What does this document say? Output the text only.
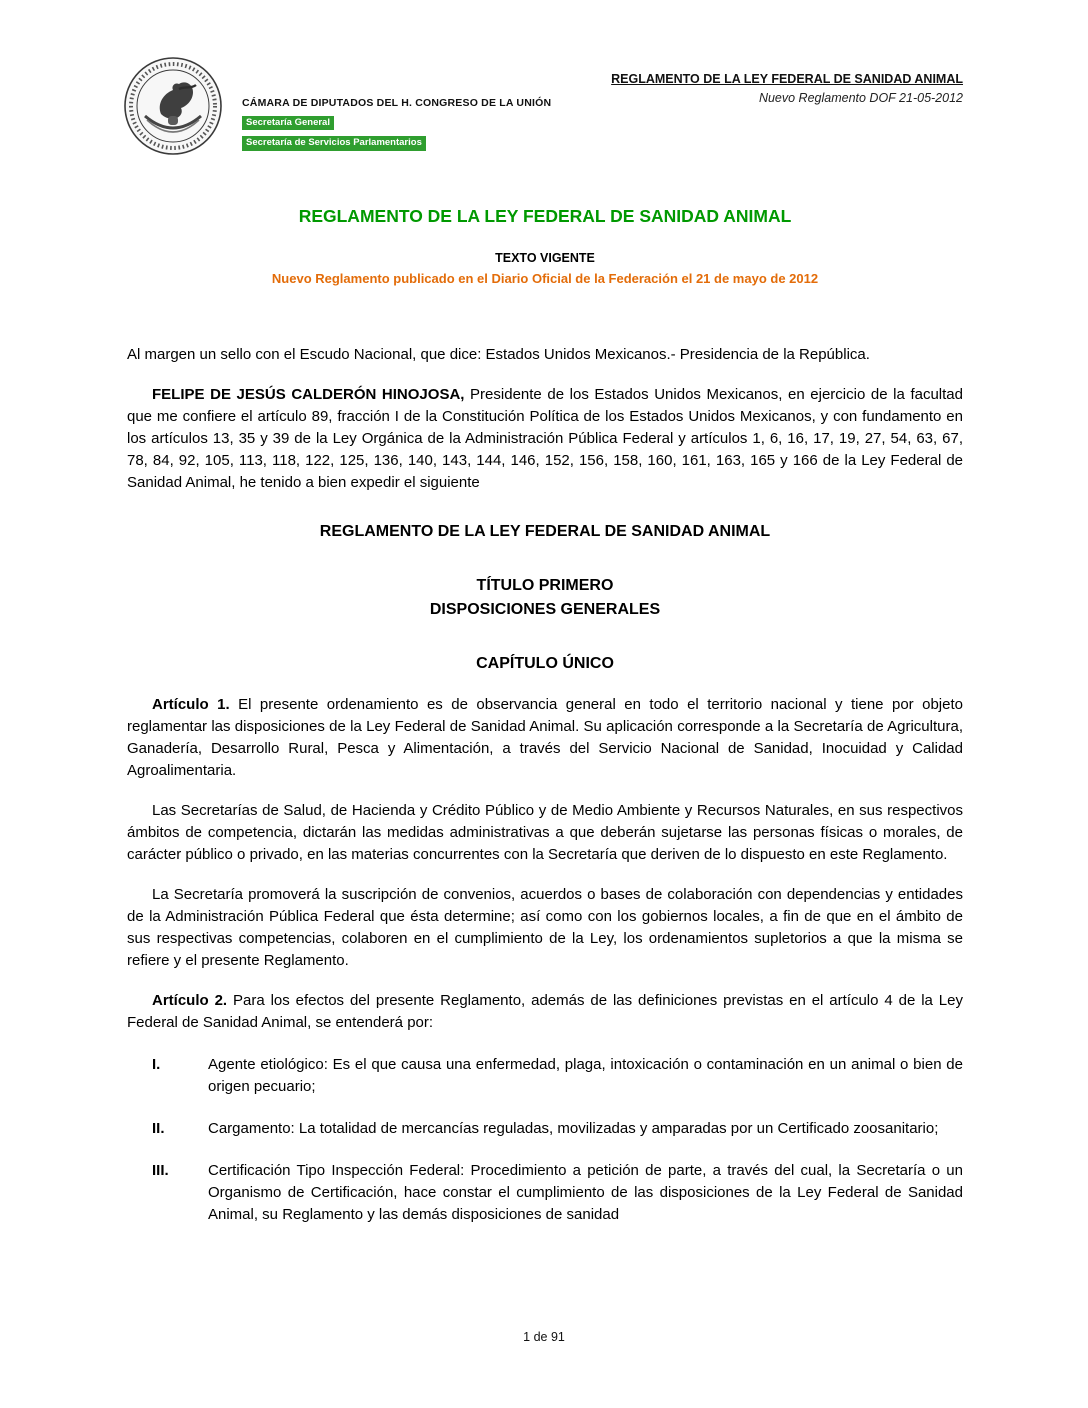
CÁMARA DE DIPUTADOS DEL H. CONGRESO DE LA UNIÓN
Secretaría General
Secretaría de Servicios Parlamentarios
REGLAMENTO DE LA LEY FEDERAL DE SANIDAD ANIMAL
Nuevo Reglamento DOF 21-05-2012
REGLAMENTO DE LA LEY FEDERAL DE SANIDAD ANIMAL
TEXTO VIGENTE
Nuevo Reglamento publicado en el Diario Oficial de la Federación el 21 de mayo de 2012

Al margen un sello con el Escudo Nacional, que dice: Estados Unidos Mexicanos.- Presidencia de la República.

FELIPE DE JESÚS CALDERÓN HINOJOSA, Presidente de los Estados Unidos Mexicanos, en ejercicio de la facultad que me confiere el artículo 89, fracción I de la Constitución Política de los Estados Unidos Mexicanos, y con fundamento en los artículos 13, 35 y 39 de la Ley Orgánica de la Administración Pública Federal y artículos 1, 6, 16, 17, 19, 27, 54, 63, 67, 78, 84, 92, 105, 113, 118, 122, 125, 136, 140, 143, 144, 146, 152, 156, 158, 160, 161, 163, 165 y 166 de la Ley Federal de Sanidad Animal, he tenido a bien expedir el siguiente

REGLAMENTO DE LA LEY FEDERAL DE SANIDAD ANIMAL
TÍTULO PRIMERO
DISPOSICIONES GENERALES
CAPÍTULO ÚNICO

Artículo 1. El presente ordenamiento es de observancia general en todo el territorio nacional y tiene por objeto reglamentar las disposiciones de la Ley Federal de Sanidad Animal. Su aplicación corresponde a la Secretaría de Agricultura, Ganadería, Desarrollo Rural, Pesca y Alimentación, a través del Servicio Nacional de Sanidad, Inocuidad y Calidad Agroalimentaria.

Las Secretarías de Salud, de Hacienda y Crédito Público y de Medio Ambiente y Recursos Naturales, en sus respectivos ámbitos de competencia, dictarán las medidas administrativas a que deberán sujetarse las personas físicas o morales, de carácter público o privado, en las materias concurrentes con la Secretaría que deriven de lo dispuesto en este Reglamento.

La Secretaría promoverá la suscripción de convenios, acuerdos o bases de colaboración con dependencias y entidades de la Administración Pública Federal que ésta determine; así como con los gobiernos locales, a fin de que en el ámbito de sus respectivas competencias, colaboren en el cumplimiento de la Ley, los ordenamientos supletorios a que la misma se refiere y el presente Reglamento.

Artículo 2. Para los efectos del presente Reglamento, además de las definiciones previstas en el artículo 4 de la Ley Federal de Sanidad Animal, se entenderá por:

I.	Agente etiológico: Es el que causa una enfermedad, plaga, intoxicación o contaminación en un animal o bien de origen pecuario;
II.	Cargamento: La totalidad de mercancías reguladas, movilizadas y amparadas por un Certificado zoosanitario;
III.	Certificación Tipo Inspección Federal: Procedimiento a petición de parte, a través del cual, la Secretaría o un Organismo de Certificación, hace constar el cumplimiento de las disposiciones de la Ley Federal de Sanidad Animal, su Reglamento y las demás disposiciones de sanidad
1 de 91
